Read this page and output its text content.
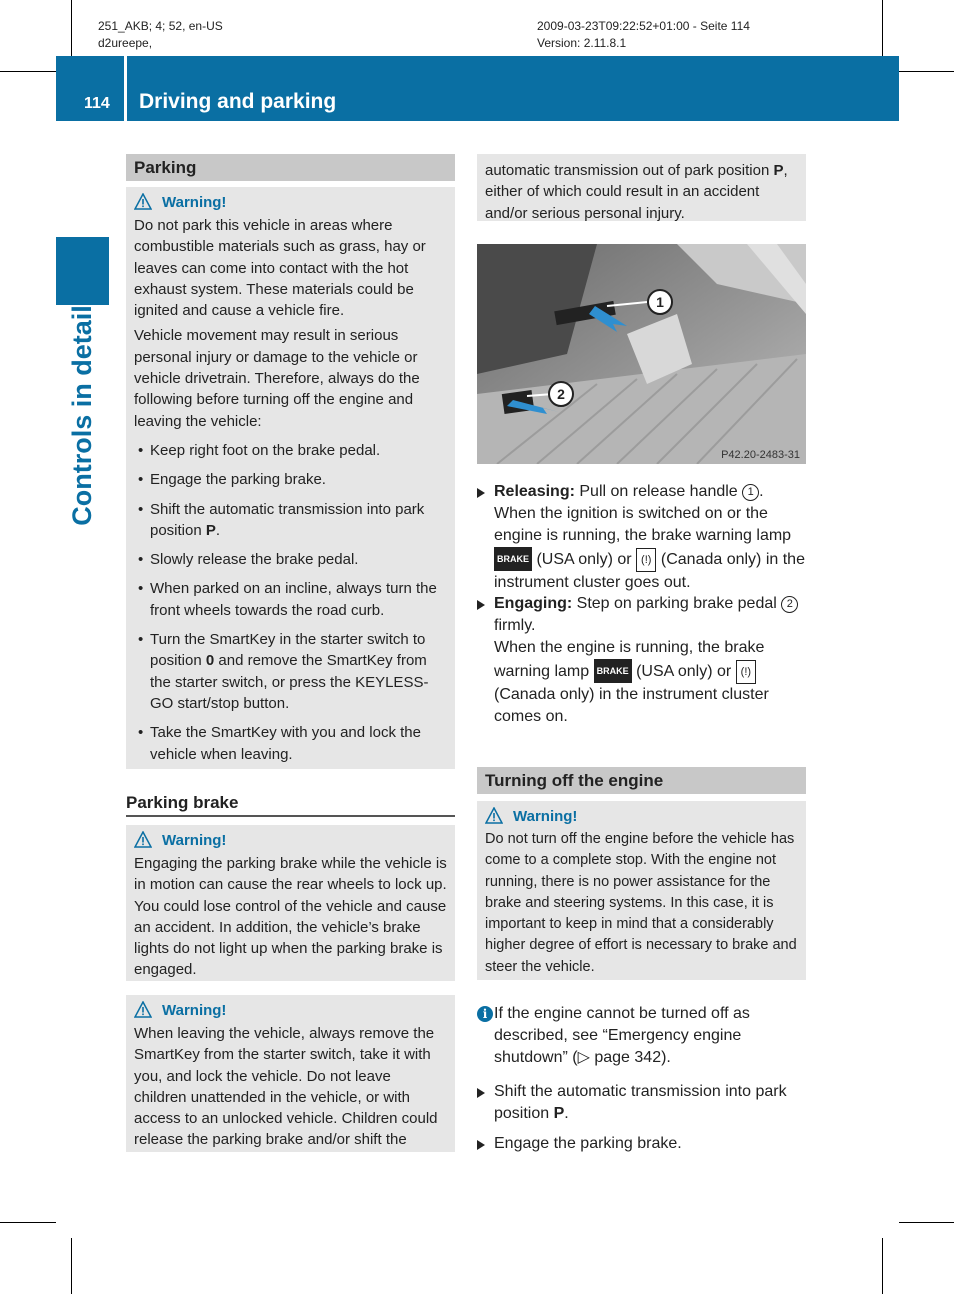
251_AKB; 4; 52, en-US
d2ureepe,
2009-03-23T09:22:52+01:00 - Seite 114
Version: 2.11.8.1
114 Driving and parking
Controls in detail
Parking
Warning!

Do not park this vehicle in areas where combustible materials such as grass, hay or leaves can come into contact with the hot exhaust system. These materials could be ignited and cause a vehicle fire.

Vehicle movement may result in serious personal injury or damage to the vehicle or vehicle drivetrain. Therefore, always do the following before turning off the engine and leaving the vehicle:

• Keep right foot on the brake pedal.
• Engage the parking brake.
• Shift the automatic transmission into park position P.
• Slowly release the brake pedal.
• When parked on an incline, always turn the front wheels towards the road curb.
• Turn the SmartKey in the starter switch to position 0 and remove the SmartKey from the starter switch, or press the KEYLESS-GO start/stop button.
• Take the SmartKey with you and lock the vehicle when leaving.
Parking brake
Warning!

Engaging the parking brake while the vehicle is in motion can cause the rear wheels to lock up. You could lose control of the vehicle and cause an accident. In addition, the vehicle’s brake lights do not light up when the parking brake is engaged.

Warning!

When leaving the vehicle, always remove the SmartKey from the starter switch, take it with you, and lock the vehicle. Do not leave children unattended in the vehicle, or with access to an unlocked vehicle. Children could release the parking brake and/or shift the

automatic transmission out of park position P, either of which could result in an accident and/or serious personal injury.

1
2
P42.20-2483-31
Releasing: Pull on release handle 1 .
When the ignition is switched on or the engine is running, the brake warning lamp BRAKE (USA only) or (!) (Canada only) in the instrument cluster goes out.
Engaging: Step on parking brake pedal 2 firmly.
When the engine is running, the brake warning lamp BRAKE (USA only) or (!) (Canada only) in the instrument cluster comes on.
Turning off the engine
Warning!

Do not turn off the engine before the vehicle has come to a complete stop. With the engine not running, there is no power assistance for the brake and steering systems. In this case, it is important to keep in mind that a considerably higher degree of effort is necessary to brake and steer the vehicle.

i If the engine cannot be turned off as described, see “Emergency engine shutdown” (▷ page 342).
Shift the automatic transmission into park position P.
Engage the parking brake.
